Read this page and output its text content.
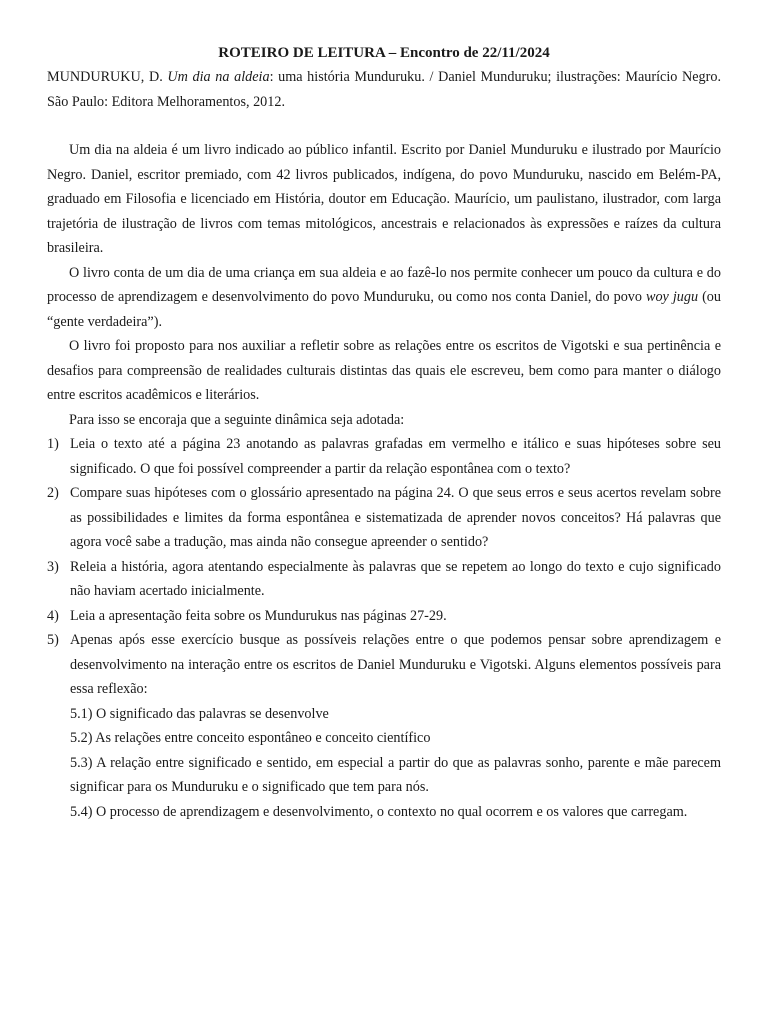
ROTEIRO DE LEITURA – Encontro de 22/11/2024

MUNDURUKU, D. Um dia na aldeia: uma história Munduruku. / Daniel Munduruku; ilustrações: Maurício Negro. São Paulo: Editora Melhoramentos, 2012.

Um dia na aldeia é um livro indicado ao público infantil. Escrito por Daniel Munduruku e ilustrado por Maurício Negro. Daniel, escritor premiado, com 42 livros publicados, indígena, do povo Munduruku, nascido em Belém-PA, graduado em Filosofia e licenciado em História, doutor em Educação. Maurício, um paulistano, ilustrador, com larga trajetória de ilustração de livros com temas mitológicos, ancestrais e relacionados às expressões e raízes da cultura brasileira.

O livro conta de um dia de uma criança em sua aldeia e ao fazê-lo nos permite conhecer um pouco da cultura e do processo de aprendizagem e desenvolvimento do povo Munduruku, ou como nos conta Daniel, do povo woy jugu (ou “gente verdadeira”).

O livro foi proposto para nos auxiliar a refletir sobre as relações entre os escritos de Vigotski e sua pertinência e desafios para compreensão de realidades culturais distintas das quais ele escreveu, bem como para manter o diálogo entre escritos acadêmicos e literários.

Para isso se encoraja que a seguinte dinâmica seja adotada:

1) Leia o texto até a página 23 anotando as palavras grafadas em vermelho e itálico e suas hipóteses sobre seu significado. O que foi possível compreender a partir da relação espontânea com o texto?

2) Compare suas hipóteses com o glossário apresentado na página 24. O que seus erros e seus acertos revelam sobre as possibilidades e limites da forma espontânea e sistematizada de aprender novos conceitos? Há palavras que agora você sabe a tradução, mas ainda não consegue apreender o sentido?

3) Releia a história, agora atentando especialmente às palavras que se repetem ao longo do texto e cujo significado não haviam acertado inicialmente.

4) Leia a apresentação feita sobre os Mundurukus nas páginas 27-29.

5) Apenas após esse exercício busque as possíveis relações entre o que podemos pensar sobre aprendizagem e desenvolvimento na interação entre os escritos de Daniel Munduruku e Vigotski. Alguns elementos possíveis para essa reflexão:

5.1) O significado das palavras se desenvolve

5.2) As relações entre conceito espontâneo e conceito científico

5.3) A relação entre significado e sentido, em especial a partir do que as palavras sonho, parente e mãe parecem significar para os Munduruku e o significado que tem para nós.

5.4) O processo de aprendizagem e desenvolvimento, o contexto no qual ocorrem e os valores que carregam.
